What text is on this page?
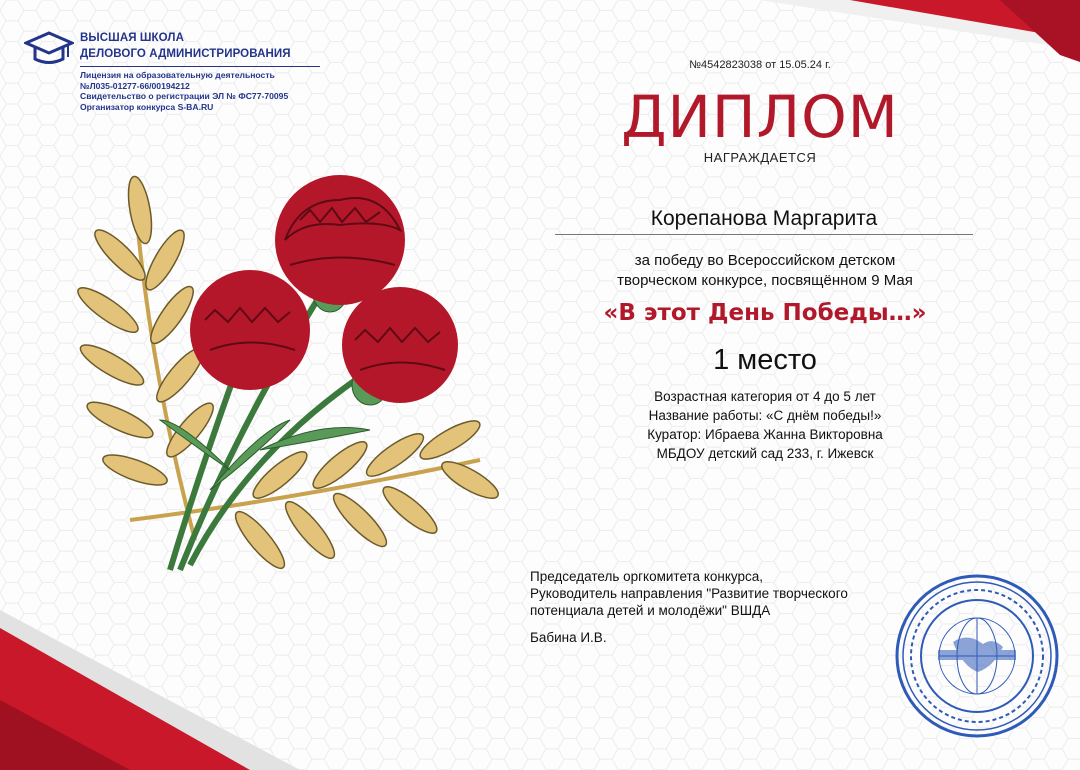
ВЫСШАЯ ШКОЛА
ДЕЛОВОГО АДМИНИСТРИРОВАНИЯ
Лицензия на образовательную деятельность
№Л035-01277-66/00194212
Свидетельство о регистрации ЭЛ № ФС77-70095
Организатор конкурса S-BA.RU
№4542823038 от 15.05.24 г.
ДИПЛОМ
НАГРАЖДАЕТСЯ
Корепанова Маргарита
за победу во Всероссийском детском
творческом конкурсе, посвящённом 9 Мая
«В этот День Победы…»
1 место
Возрастная категория от 4 до 5 лет
Название работы: «С днём победы!»
Куратор: Ибраева Жанна Викторовна
МБДОУ детский сад 233, г. Ижевск
Председатель оргкомитета конкурса,
Руководитель направления "Развитие творческого
потенциала детей и молодёжи" ВШДА
Бабина И.В.
